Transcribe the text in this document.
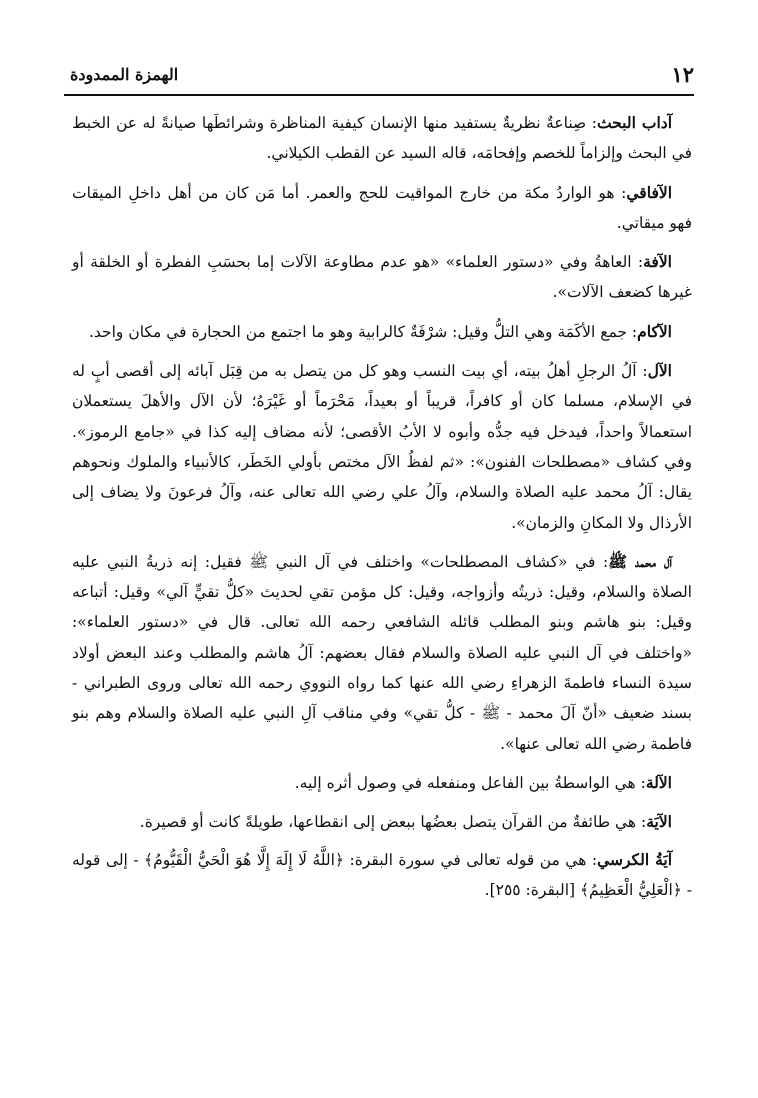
١٢
الهمزة الممدودة

آداب البحث: صِناعةٌ نظريةٌ يستفيد منها الإنسان كيفية المناظرة وشرائطَها صيانةً له عن الخبط في البحث وإلزاماً للخصم وإفحامَه، قاله السيد عن القطب الكيلاني.

الآفاقي: هو الواردُ مكة من خارج المواقيت للحج والعمر. أما مَن كان من أهل داخلِ الميقات فهو ميقاتي.

الآفة: العاهةُ وفي «دستور العلماء» «هو عدم مطاوعة الآلات إما بحسَبِ الفطرة أو الخلقة أو غيرها كضعف الآلات».

الآكام: جمع الأكَمَة وهي التلُّ وقيل: شرْفَةٌ كالرابية وهو ما اجتمع من الحجارة في مكان واحد.

الآل: آلُ الرجلِ أهلُ بيته، أي بيت النسب وهو كل من يتصل به من قِبَل آبائه إلى أقصى أبٍ له في الإسلام، مسلما كان أو كافراً، قريباً أو بعيداً، مَحْرَماً أو غَيْرَهُ؛ لأن الآل والأهلَ يستعملان استعمالاً واحداً، فيدخل فيه جدُّه وأبوه لا الأبُ الأقصى؛ لأنه مضاف إليه كذا في «جامع الرموز». وفي كشاف «مصطلحات الفنون»: «ثم لفظُ الآل مختص بأولي الخَطَر، كالأنبياء والملوك ونحوهم يقال: آلُ محمد عليه الصلاة والسلام، وآلُ علي رضي الله تعالى عنه، وآلُ فرعونَ ولا يضاف إلى الأرذال ولا المكانِ والزمان».

آل محمد ﷺ: في «كشاف المصطلحات» واختلف في آل النبي ﷺ فقيل: إنه ذريةُ النبي عليه الصلاة والسلام، وقيل: ذريتُه وأزواجه، وقيل: كل مؤمن تقي لحديث «كلُّ تقيٍّ آلي» وقيل: أتباعه وقيل: بنو هاشم وبنو المطلب قائله الشافعي رحمه الله تعالى. قال في «دستور العلماء»: «واختلف في آل النبي عليه الصلاة والسلام فقال بعضهم: آلُ هاشم والمطلب وعند البعض أولاد سيدة النساء فاطمةَ الزهراءِ رضي الله عنها كما رواه النووي رحمه الله تعالى وروى الطبراني - بسند ضعيف «أنّ آلَ محمد - ﷺ - كلُّ تقي» وفي مناقب آلِ النبي عليه الصلاة والسلام وهم بنو فاطمة رضي الله تعالى عنها».

الآلة: هي الواسطةُ بين الفاعل ومنفعله في وصول أثره إليه.

الآيَة: هي طائفةٌ من القرآن يتصل بعضُها ببعض إلى انقطاعها، طويلةً كانت أو قصيرة.

آيَةُ الكرسي: هي من قوله تعالى في سورة البقرة: ﴿اللَّهُ لَا إِلَهَ إِلَّا هُوَ الْحَيُّ الْقَيُّومُ﴾ - إلى قوله - ﴿الْعَلِيُّ الْعَظِيمُ﴾ [البقرة: ٢٥٥].
